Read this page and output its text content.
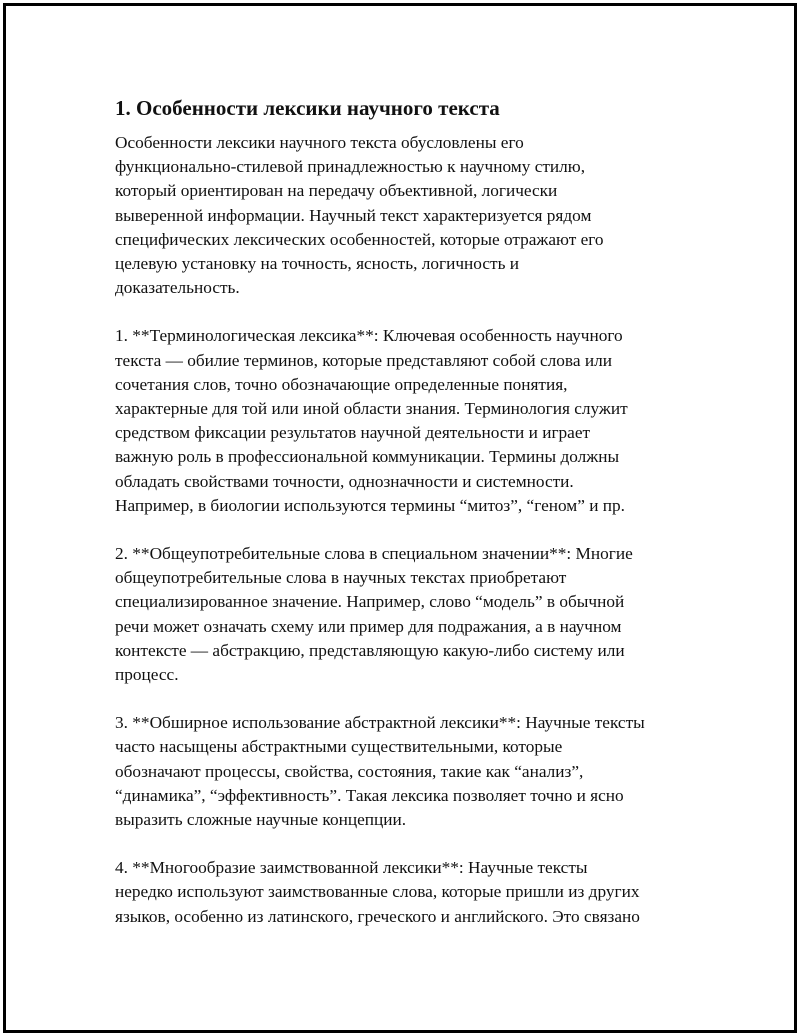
1. Особенности лексики научного текста
Особенности лексики научного текста обусловлены его
функционально-стилевой принадлежностью к научному стилю,
который ориентирован на передачу объективной, логически
выверенной информации. Научный текст характеризуется рядом
специфических лексических особенностей, которые отражают его
целевую установку на точность, ясность, логичность и
доказательность.
1. **Терминологическая лексика**: Ключевая особенность научного
текста — обилие терминов, которые представляют собой слова или
сочетания слов, точно обозначающие определенные понятия,
характерные для той или иной области знания. Терминология служит
средством фиксации результатов научной деятельности и играет
важную роль в профессиональной коммуникации. Термины должны
обладать свойствами точности, однозначности и системности.
Например, в биологии используются термины “митоз”, “геном” и пр.
2. **Общеупотребительные слова в специальном значении**: Многие
общеупотребительные слова в научных текстах приобретают
специализированное значение. Например, слово “модель” в обычной
речи может означать схему или пример для подражания, а в научном
контексте — абстракцию, представляющую какую-либо систему или
процесс.
3. **Обширное использование абстрактной лексики**: Научные тексты
часто насыщены абстрактными существительными, которые
обозначают процессы, свойства, состояния, такие как “анализ”,
“динамика”, “эффективность”. Такая лексика позволяет точно и ясно
выразить сложные научные концепции.
4. **Многообразие заимствованной лексики**: Научные тексты
нередко используют заимствованные слова, которые пришли из других
языков, особенно из латинского, греческого и английского. Это связано
